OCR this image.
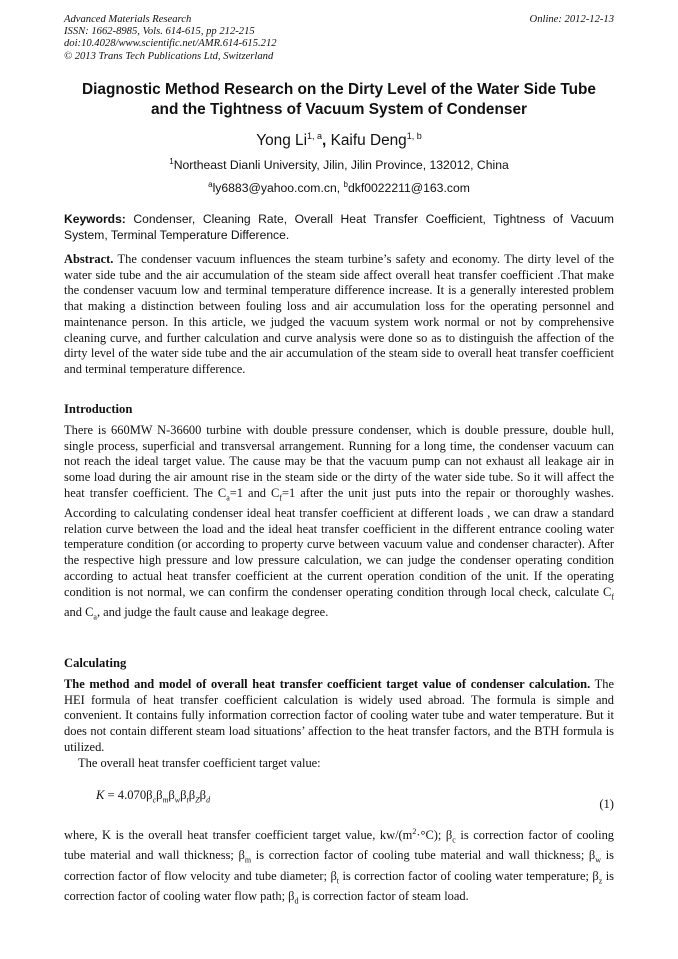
Advanced Materials Research
ISSN: 1662-8985, Vols. 614-615, pp 212-215
doi:10.4028/www.scientific.net/AMR.614-615.212
© 2013 Trans Tech Publications Ltd, Switzerland
Online: 2012-12-13
Diagnostic Method Research on the Dirty Level of the Water Side Tube
and the Tightness of Vacuum System of Condenser
Yong Li$^{1, a}$, Kaifu Deng$^{1, b}$
$^1$Northeast Dianli University, Jilin, Jilin Province, 132012, China
$^a$ly6883@yahoo.com.cn, $^b$dkf0022211@163.com
Keywords: Condenser, Cleaning Rate, Overall Heat Transfer Coefficient, Tightness of Vacuum System, Terminal Temperature Difference.
Abstract. The condenser vacuum influences the steam turbine’s safety and economy. The dirty level of the water side tube and the air accumulation of the steam side affect overall heat transfer coefficient .That make the condenser vacuum low and terminal temperature difference increase. It is a generally interested problem that making a distinction between fouling loss and air accumulation loss for the operating personnel and maintenance person. In this article, we judged the vacuum system work normal or not by comprehensive cleaning curve, and further calculation and curve analysis were done so as to distinguish the affection of the dirty level of the water side tube and the air accumulation of the steam side to overall heat transfer coefficient and terminal temperature difference.
Introduction
There is 660MW N-36600 turbine with double pressure condenser, which is double pressure, double hull, single process, superficial and transversal arrangement. Running for a long time, the condenser vacuum can not reach the ideal target value. The cause may be that the vacuum pump can not exhaust all leakage air in some load during the air amount rise in the steam side or the dirty of the water side tube. So it will affect the heat transfer coefficient. The $C_a=1$ and $C_f=1$ after the unit just puts into the repair or thoroughly washes. According to calculating condenser ideal heat transfer coefficient at different loads , we can draw a standard relation curve between the load and the ideal heat transfer coefficient in the different entrance cooling water temperature condition (or according to property curve between vacuum value and condenser character). After the respective high pressure and low pressure calculation, we can judge the condenser operating condition according to actual heat transfer coefficient at the current operation condition of the unit. If the operating condition is not normal, we can confirm the condenser operating condition through local check, calculate $C_f$ and $C_a$, and judge the fault cause and leakage degree.
Calculating
The method and model of overall heat transfer coefficient target value of condenser calculation. The HEI formula of heat transfer coefficient calculation is widely used abroad. The formula is simple and convenient. It contains fully information correction factor of cooling water tube and water temperature. But it does not contain different steam load situations’ affection to the heat transfer factors, and the BTH formula is utilized.
The overall heat transfer coefficient target value:
$K = 4.070\beta_c\beta_m\beta_w\beta_t\beta_Z\beta_d$	(1)
where, K is the overall heat transfer coefficient target value, $kw/(m^2\cdot^\circ C)$; $\beta_c$ is correction factor of cooling tube material and wall thickness; $\beta_m$ is correction factor of cooling tube material and wall thickness; $\beta_w$ is correction factor of flow velocity and tube diameter; $\beta_t$ is correction factor of cooling water temperature; $\beta_z$ is correction factor of cooling water flow path; $\beta_d$ is correction factor of steam load.
